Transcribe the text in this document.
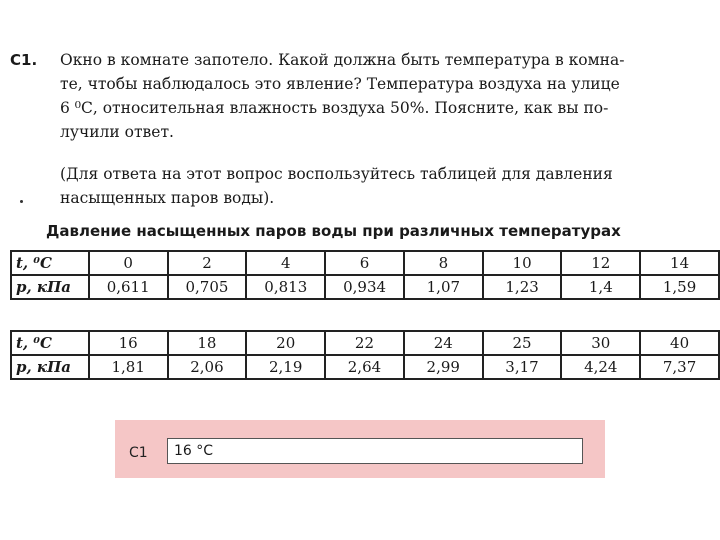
С1. Окно в комнате запотело. Какой должна быть температура в комна-
те, чтобы наблюдалось это явление? Температура воздуха на улице
6 ⁰С, относительная влажность воздуха 50%. Поясните, как вы по-
лучили ответ.
(Для ответа на этот вопрос воспользуйтесь таблицей для давления
насыщенных паров воды).
Давление насыщенных паров воды при различных температурах
t, ⁰С	0	2	4	6	8	10	12	14
p, кПа	0,611	0,705	0,813	0,934	1,07	1,23	1,4	1,59
t, ⁰С	16	18	20	22	24	25	30	40
p, кПа	1,81	2,06	2,19	2,64	2,99	3,17	4,24	7,37
С1	16 °С
